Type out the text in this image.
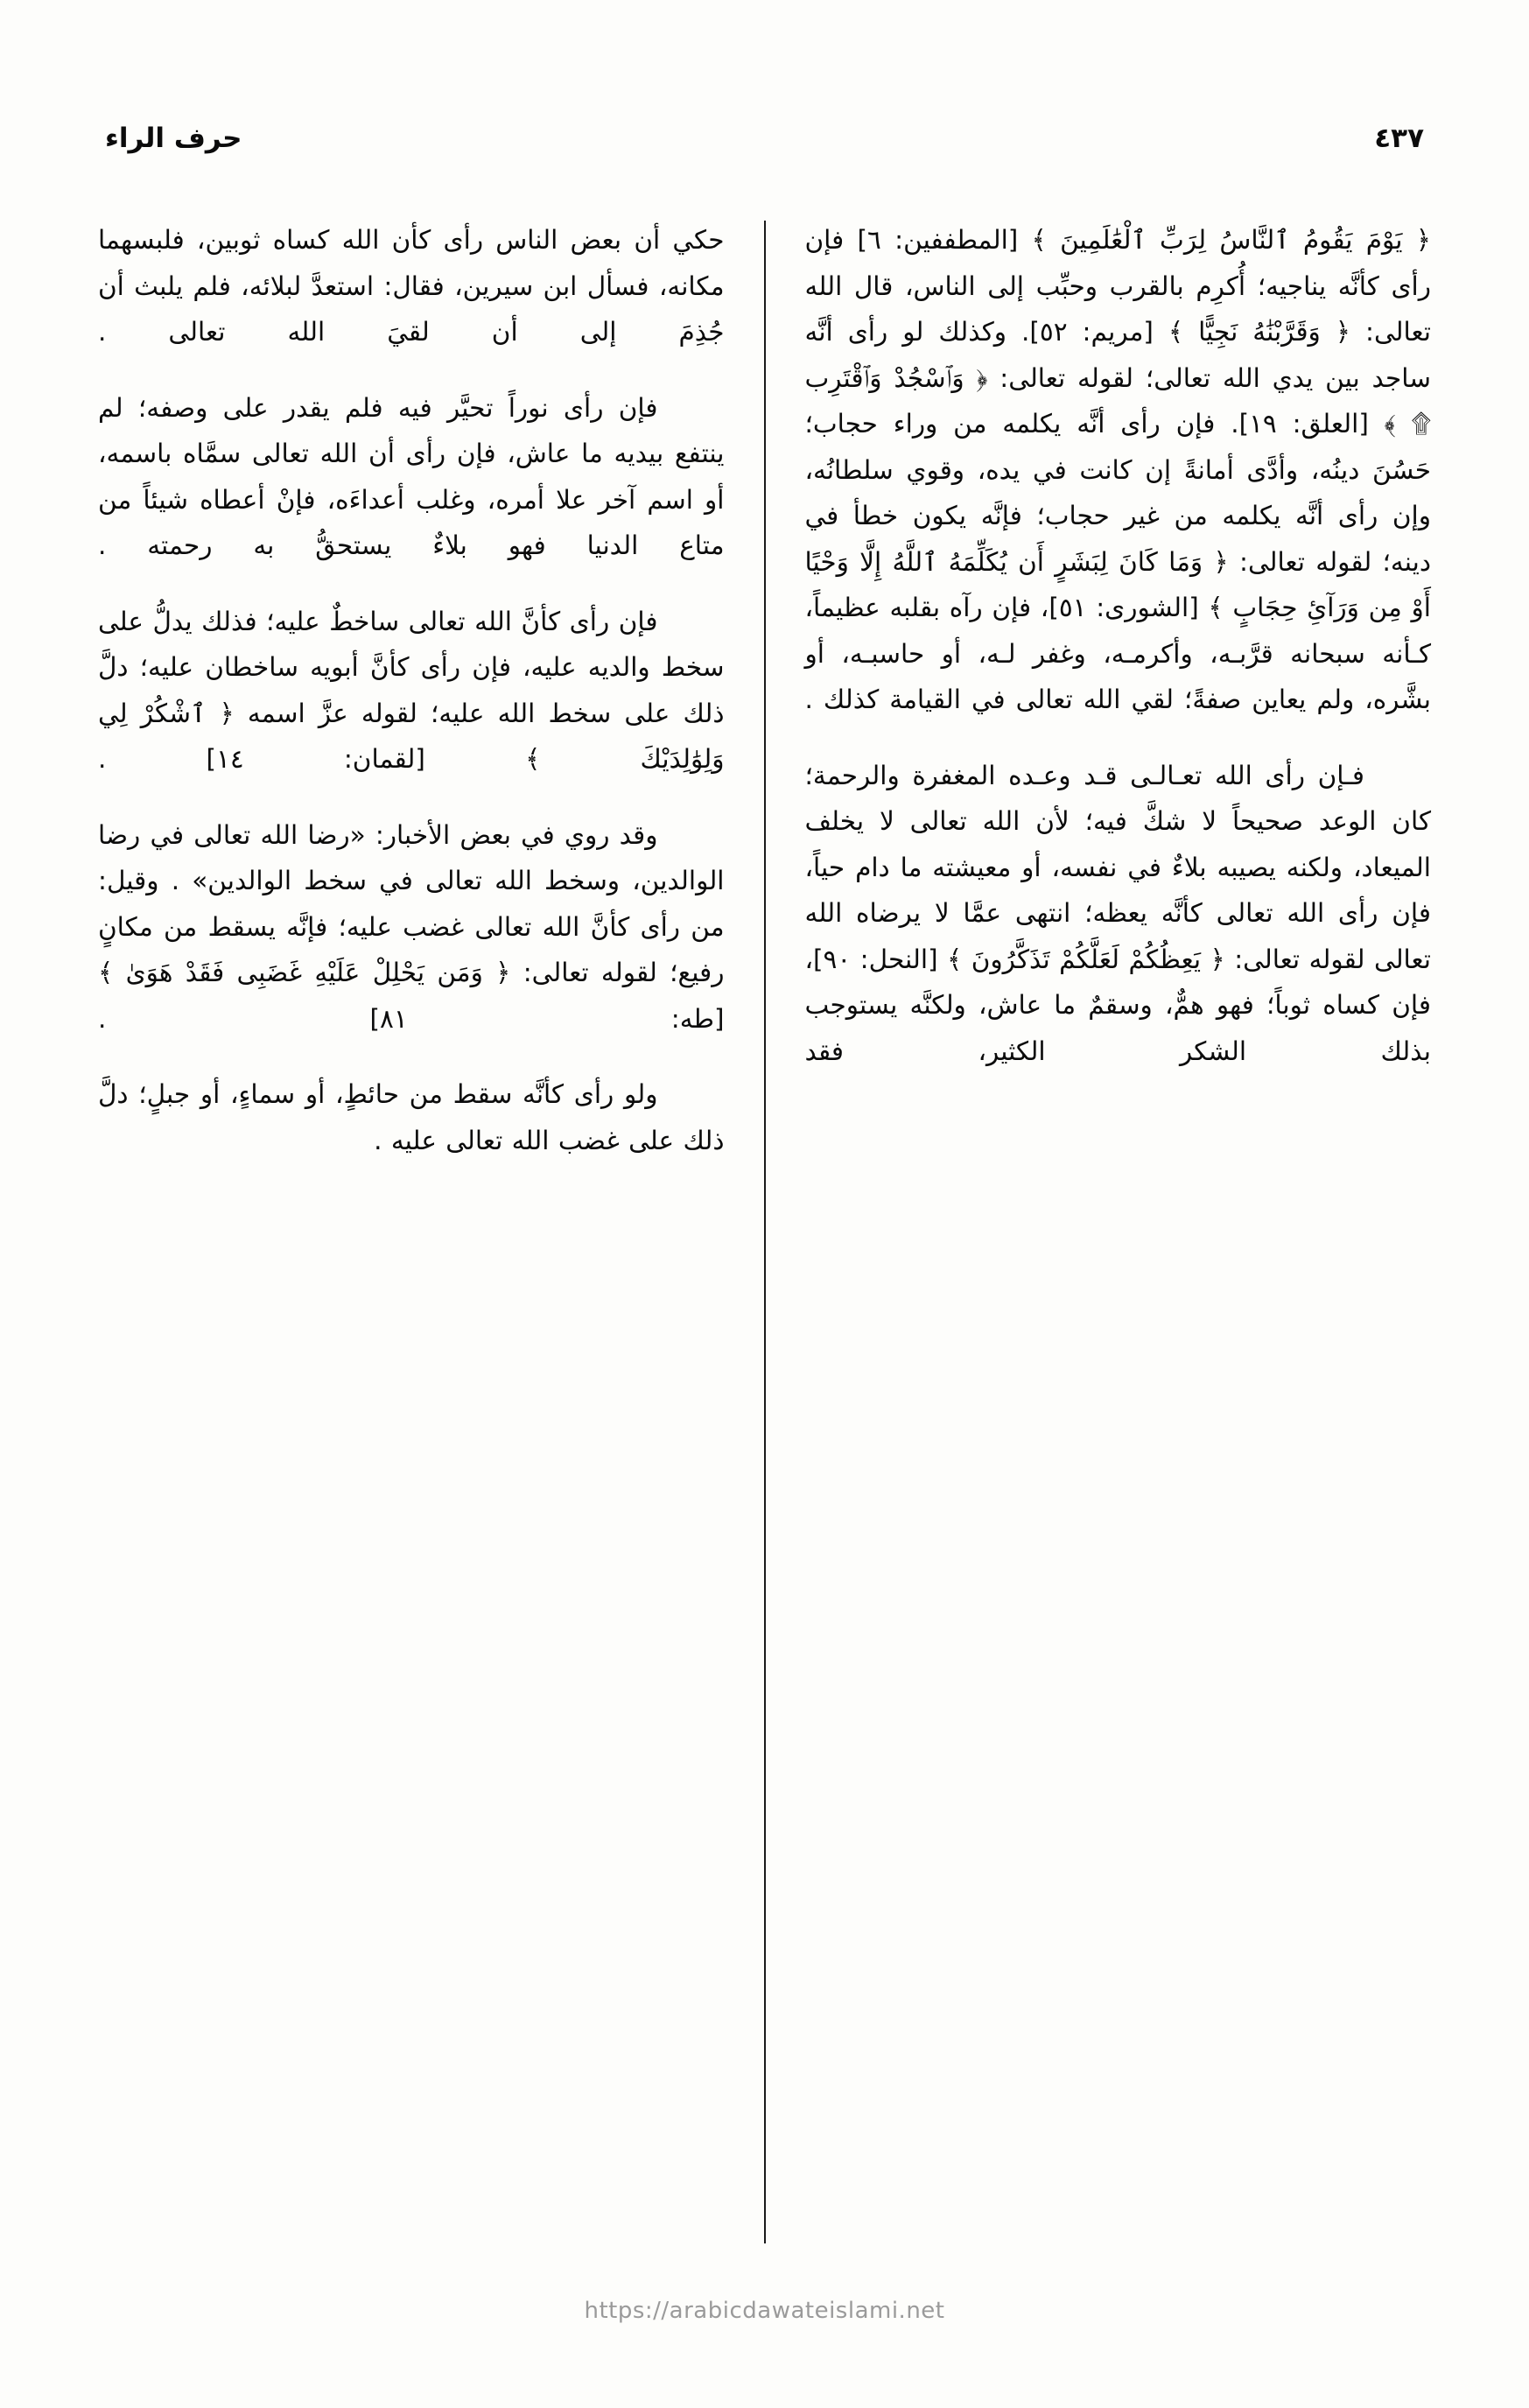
حرف الراء	٤٣٧

﴿ يَوْمَ يَقُومُ ٱلنَّاسُ لِرَبِّ ٱلْعَٰلَمِينَ ﴾ [المطففين: ٦] فإن رأى كأنَّه يناجيه؛ أُكرِم بالقرب وحبِّب إلى الناس، قال الله تعالى: ﴿ وَقَرَّبْنَٰهُ نَجِيًّا ﴾ [مريم: ٥٢]. وكذلك لو رأى أنَّه ساجد بين يدي الله تعالى؛ لقوله تعالى: ﴿ وَٱسْجُدْ وَٱقْتَرِب ۩ ﴾ [العلق: ١٩]. فإن رأى أنَّه يكلمه من وراء حجاب؛ حَسُنَ دينُه، وأدَّى أمانةً إن كانت في يده، وقوي سلطانُه، وإن رأى أنَّه يكلمه من غير حجاب؛ فإنَّه يكون خطأ في دينه؛ لقوله تعالى: ﴿ وَمَا كَانَ لِبَشَرٍ أَن يُكَلِّمَهُ ٱللَّهُ إِلَّا وَحْيًا أَوْ مِن وَرَآئِ حِجَابٍ ﴾ [الشورى: ٥١]، فإن رآه بقلبه عظيماً، كـأنه سبحانه قرَّبـه، وأكرمـه، وغفر لـه، أو حاسبـه، أو بشَّره، ولم يعاين صفةً؛ لقي الله تعالى في القيامة كذلك .

فـإن رأى الله تعـالـى قـد وعـده المغفرة والرحمة؛ كان الوعد صحيحاً لا شكَّ فيه؛ لأن الله تعالى لا يخلف الميعاد، ولكنه يصيبه بلاءٌ في نفسه، أو معيشته ما دام حياً، فإن رأى الله تعالى كأنَّه يعظه؛ انتهى عمَّا لا يرضاه الله تعالى لقوله تعالى: ﴿ يَعِظُكُمْ لَعَلَّكُمْ تَذَكَّرُونَ ﴾ [النحل: ٩٠]، فإن كساه ثوباً؛ فهو همٌّ، وسقمٌ ما عاش، ولكنَّه يستوجب بذلك الشكر الكثير، فقد

حكي أن بعض الناس رأى كأن الله كساه ثوبين، فلبسهما مكانه، فسأل ابن سيرين، فقال: استعدَّ لبلائه، فلم يلبث أن جُذِمَ إلى أن لقيَ الله تعالى .

فإن رأى نوراً تحيَّر فيه فلم يقدر على وصفه؛ لم ينتفع بيديه ما عاش، فإن رأى أن الله تعالى سمَّاه باسمه، أو اسم آخر علا أمره، وغلب أعداءَه، فإنْ أعطاه شيئاً من متاع الدنيا فهو بلاءٌ يستحقُّ به رحمته .

فإن رأى كأنَّ الله تعالى ساخطٌ عليه؛ فذلك يدلُّ على سخط والديه عليه، فإن رأى كأنَّ أبويه ساخطان عليه؛ دلَّ ذلك على سخط الله عليه؛ لقوله عزَّ اسمه ﴿ ٱشْكُرْ لِي وَلِوَٰلِدَيْكَ ﴾ [لقمان: ١٤] .

وقد روي في بعض الأخبار: «رضا الله تعالى في رضا الوالدين، وسخط الله تعالى في سخط الوالدين» . وقيل: من رأى كأنَّ الله تعالى غضب عليه؛ فإنَّه يسقط من مكانٍ رفيع؛ لقوله تعالى: ﴿ وَمَن يَحْلِلْ عَلَيْهِ غَضَبِى فَقَدْ هَوَىٰ ﴾ [طه: ٨١] .

ولو رأى كأنَّه سقط من حائطٍ، أو سماءٍ، أو جبلٍ؛ دلَّ ذلك على غضب الله تعالى عليه .

https://arabicdawateislami.net
